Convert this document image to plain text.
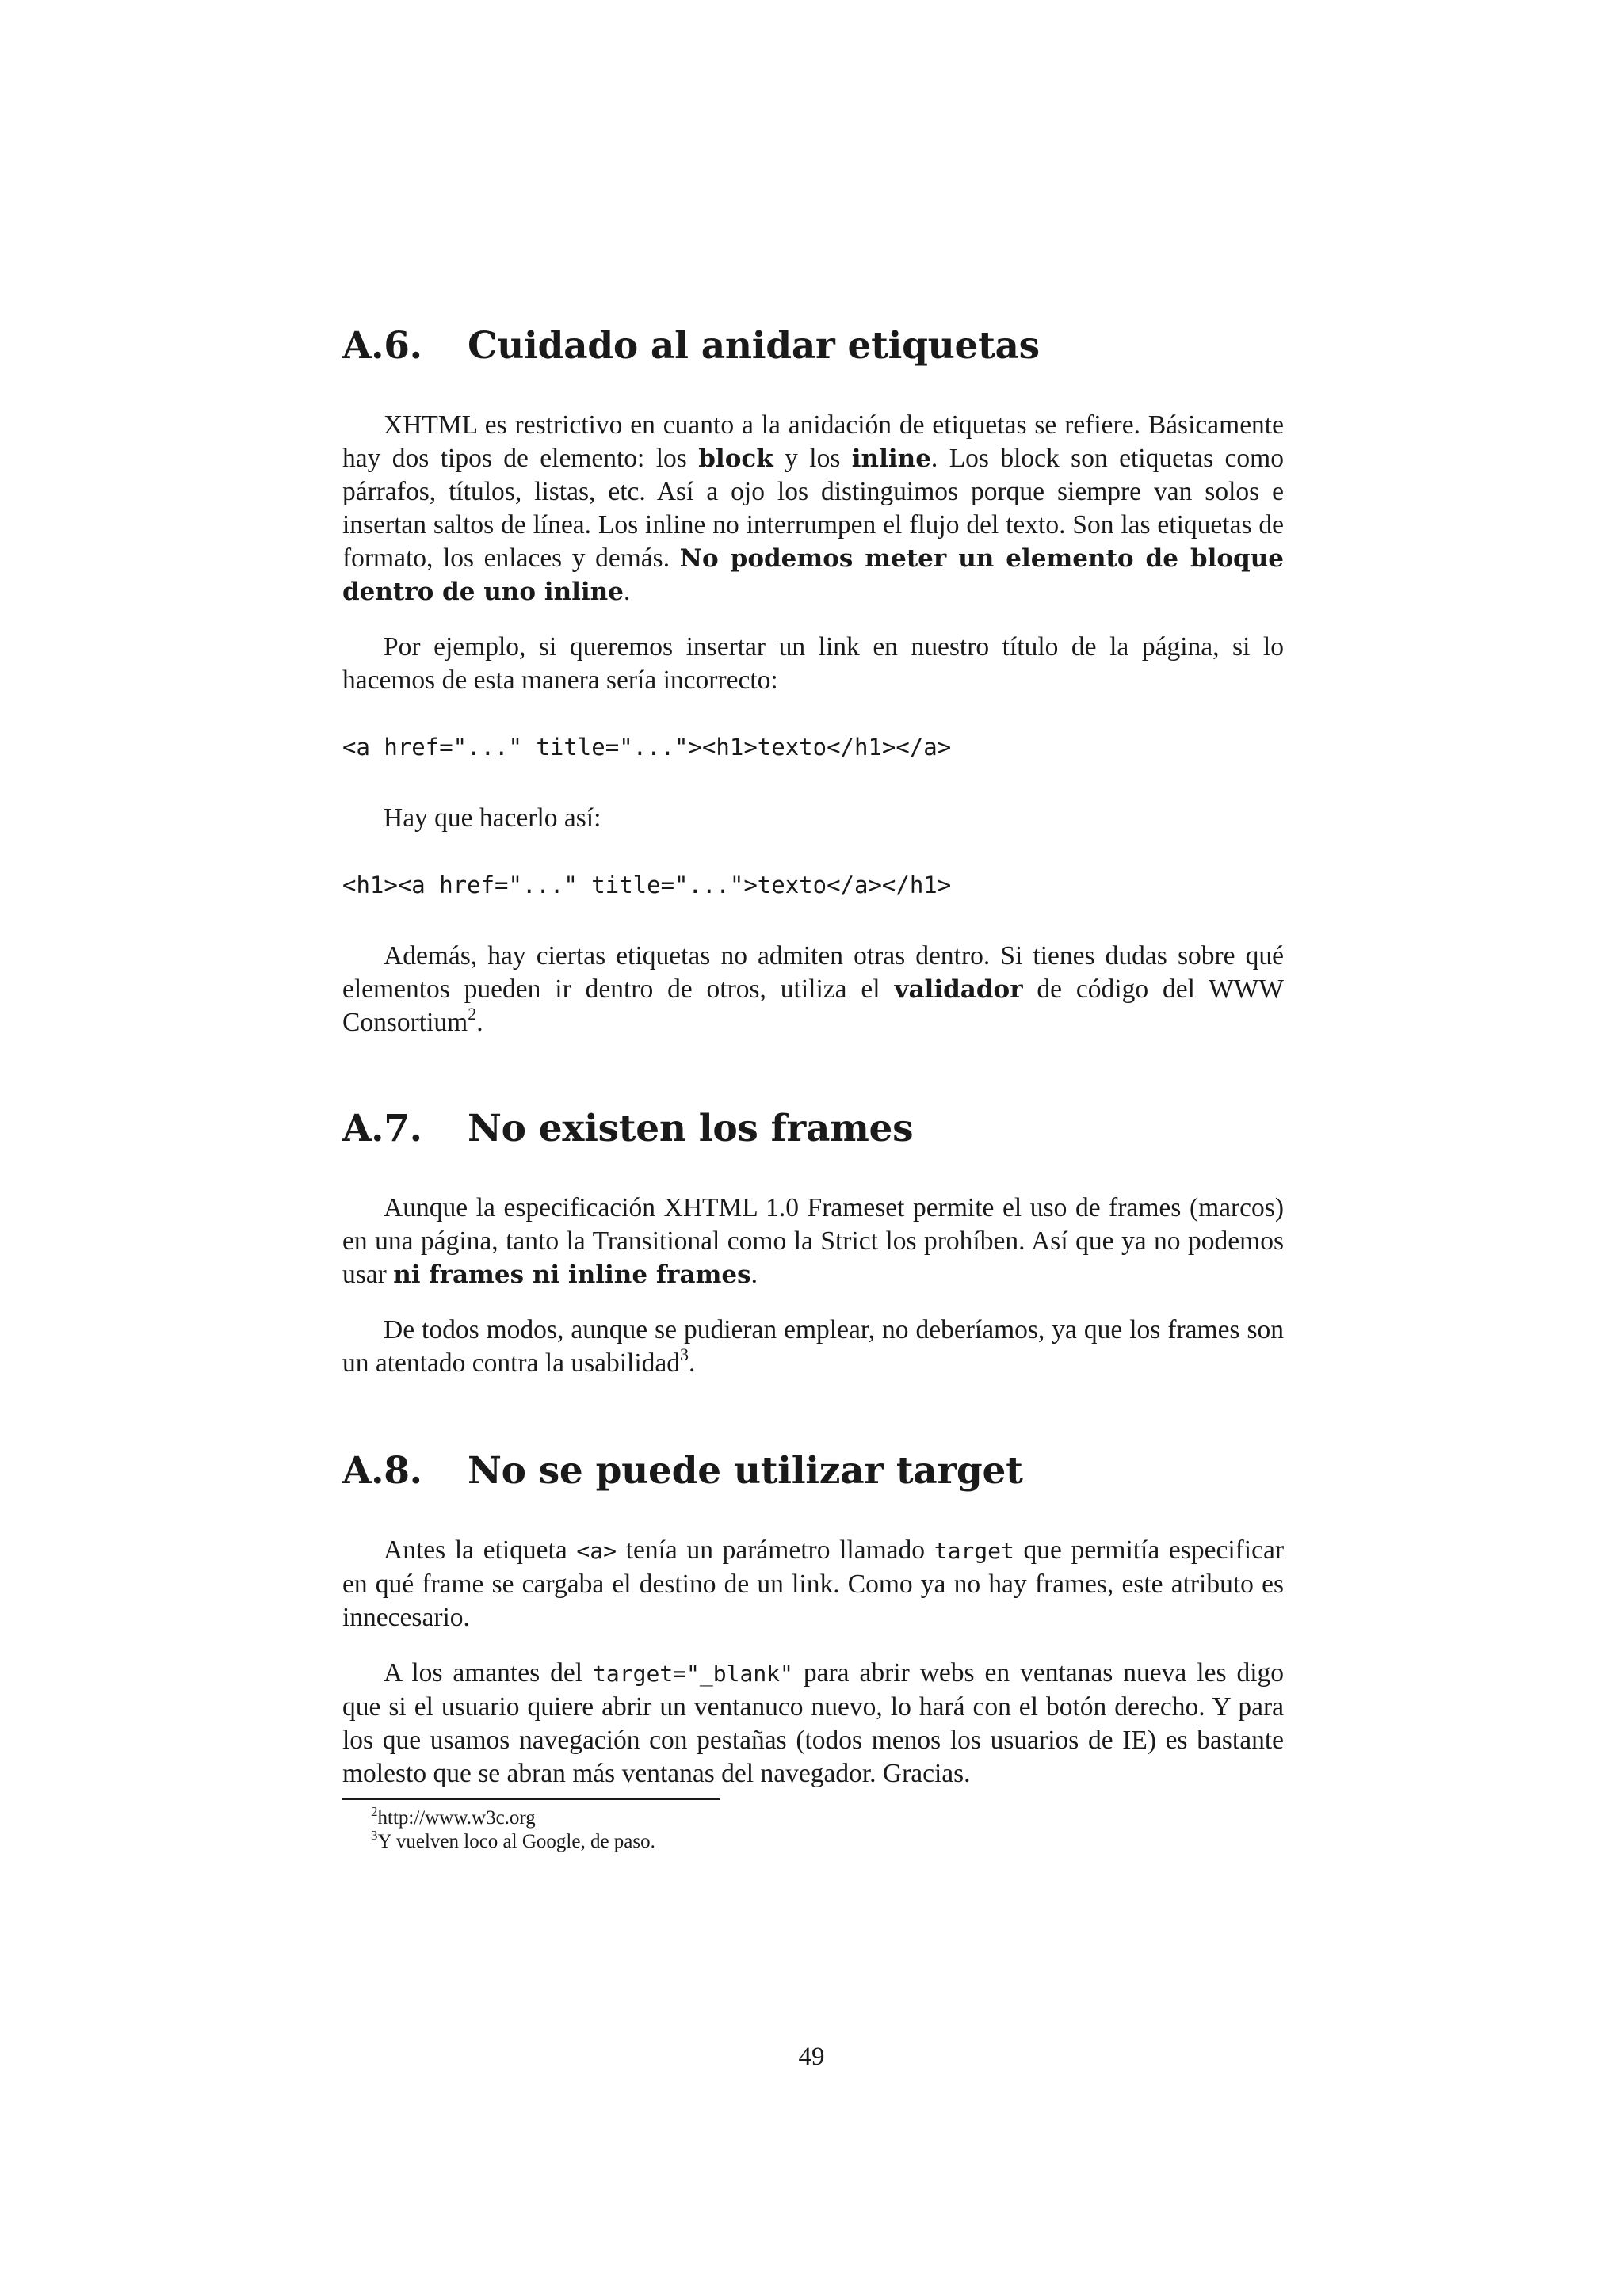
A.6.	Cuidado al anidar etiquetas

XHTML es restrictivo en cuanto a la anidación de etiquetas se refiere. Básicamente hay dos tipos de elemento: los block y los inline. Los block son etiquetas como párrafos, títulos, listas, etc. Así a ojo los distinguimos porque siempre van solos e insertan saltos de línea. Los inline no interrumpen el flujo del texto. Son las etiquetas de formato, los enlaces y demás. No podemos meter un elemento de bloque dentro de uno inline.

Por ejemplo, si queremos insertar un link en nuestro título de la página, si lo hacemos de esta manera sería incorrecto:

<a href="..." title="..."><h1>texto</h1></a>

Hay que hacerlo así:

<h1><a href="..." title="...">texto</a></h1>

Además, hay ciertas etiquetas no admiten otras dentro. Si tienes dudas sobre qué elementos pueden ir dentro de otros, utiliza el validador de código del WWW Consortium$^2$.

A.7.	No existen los frames

Aunque la especificación XHTML 1.0 Frameset permite el uso de frames (marcos) en una página, tanto la Transitional como la Strict los prohíben. Así que ya no podemos usar ni frames ni inline frames.

De todos modos, aunque se pudieran emplear, no deberíamos, ya que los frames son un atentado contra la usabilidad$^3$.

A.8.	No se puede utilizar target

Antes la etiqueta <a> tenía un parámetro llamado target que permitía especificar en qué frame se cargaba el destino de un link. Como ya no hay frames, este atributo es innecesario.

A los amantes del target="_blank" para abrir webs en ventanas nueva les digo que si el usuario quiere abrir un ventanuco nuevo, lo hará con el botón derecho. Y para los que usamos navegación con pestañas (todos menos los usuarios de IE) es bastante molesto que se abran más ventanas del navegador. Gracias.

$^2$http://www.w3c.org
$^3$Y vuelven loco al Google, de paso.
49
